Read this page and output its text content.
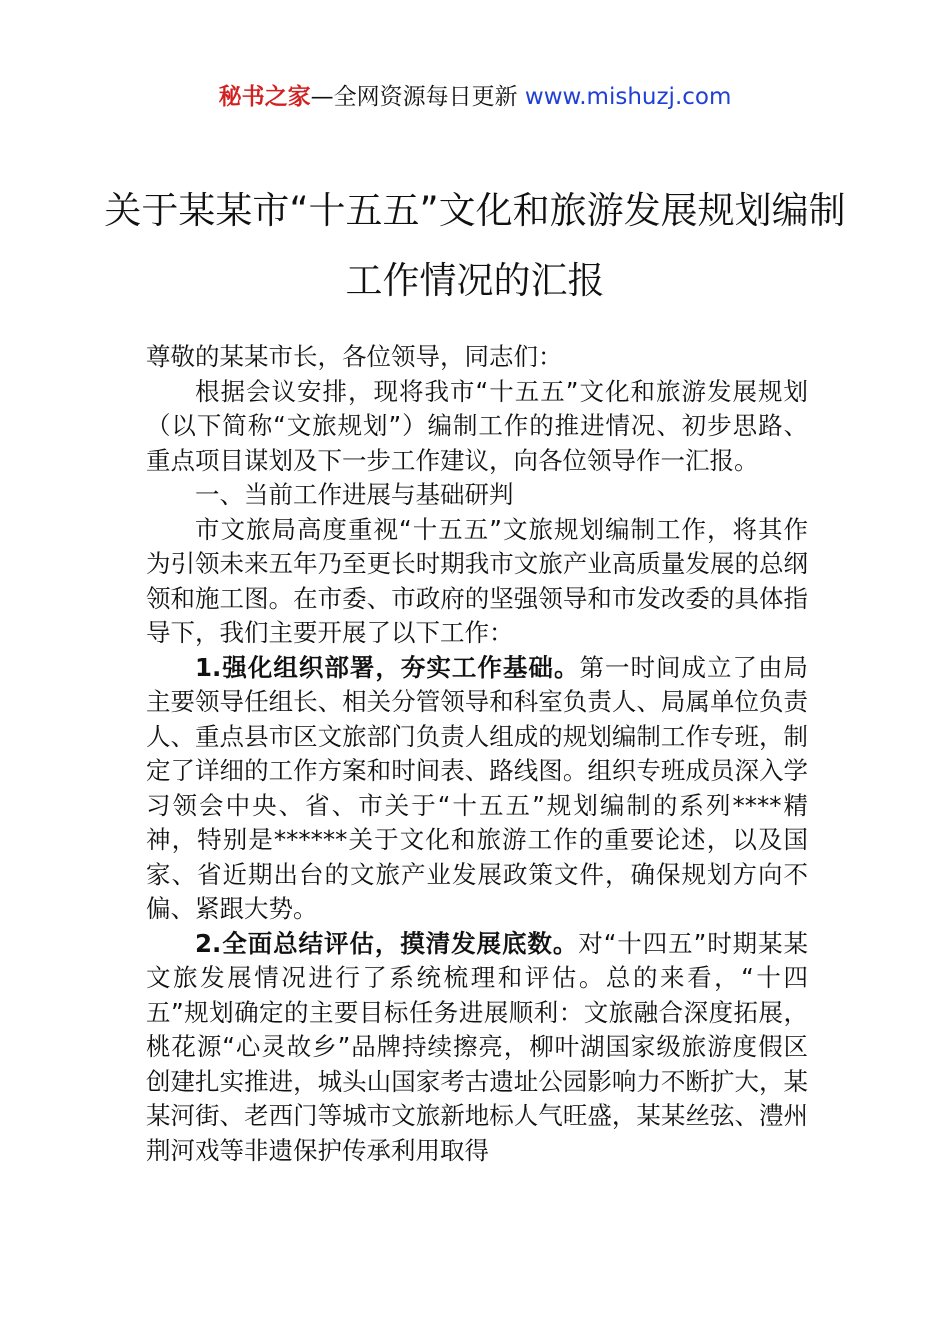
秘书之家—全网资源每日更新 www.mishuzj.com
关于某某市“十五五”文化和旅游发展规划编制工作情况的汇报

尊敬的某某市长，各位领导，同志们：

根据会议安排，现将我市“十五五”文化和旅游发展规划（以下简称“文旅规划”）编制工作的推进情况、初步思路、重点项目谋划及下一步工作建议，向各位领导作一汇报。

一、当前工作进展与基础研判

市文旅局高度重视“十五五”文旅规划编制工作，将其作为引领未来五年乃至更长时期我市文旅产业高质量发展的总纲领和施工图。在市委、市政府的坚强领导和市发改委的具体指导下，我们主要开展了以下工作：

1.强化组织部署，夯实工作基础。第一时间成立了由局主要领导任组长、相关分管领导和科室负责人、局属单位负责人、重点县市区文旅部门负责人组成的规划编制工作专班，制定了详细的工作方案和时间表、路线图。组织专班成员深入学习领会中央、省、市关于“十五五”规划编制的系列****精神，特别是******关于文化和旅游工作的重要论述，以及国家、省近期出台的文旅产业发展政策文件，确保规划方向不偏、紧跟大势。

2.全面总结评估，摸清发展底数。对“十四五”时期某某文旅发展情况进行了系统梳理和评估。总的来看，“十四五”规划确定的主要目标任务进展顺利：文旅融合深度拓展，桃花源“心灵故乡”品牌持续擦亮，柳叶湖国家级旅游度假区创建扎实推进，城头山国家考古遗址公园影响力不断扩大，某某河街、老西门等城市文旅新地标人气旺盛，某某丝弦、澧州荆河戏等非遗保护传承利用取得
